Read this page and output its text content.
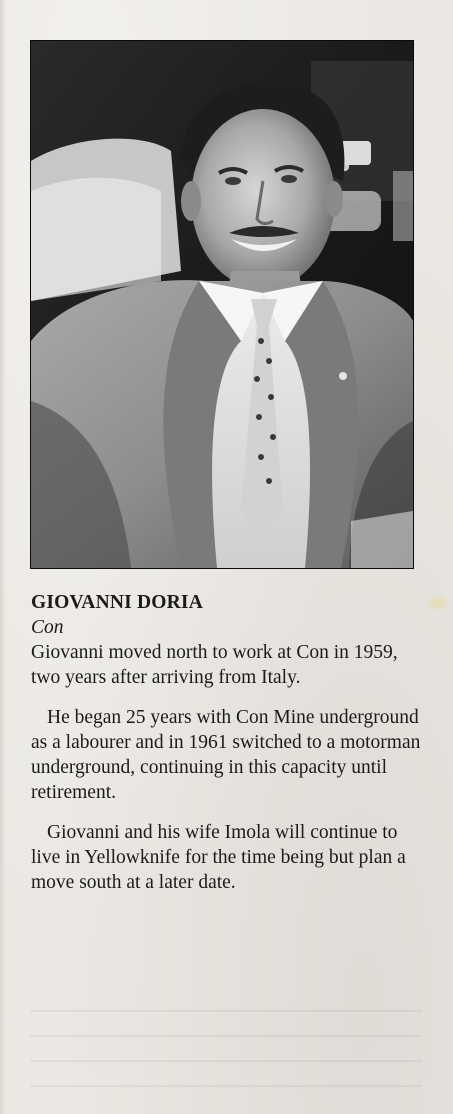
GIOVANNI DORIA

Con

Giovanni moved north to work at Con in 1959, two years after arriving from Italy.

He began 25 years with Con Mine underground as a labourer and in 1961 switched to a motorman underground, continuing in this capacity until retirement.

Giovanni and his wife Imola will continue to live in Yellowknife for the time being but plan a move south at a later date.
